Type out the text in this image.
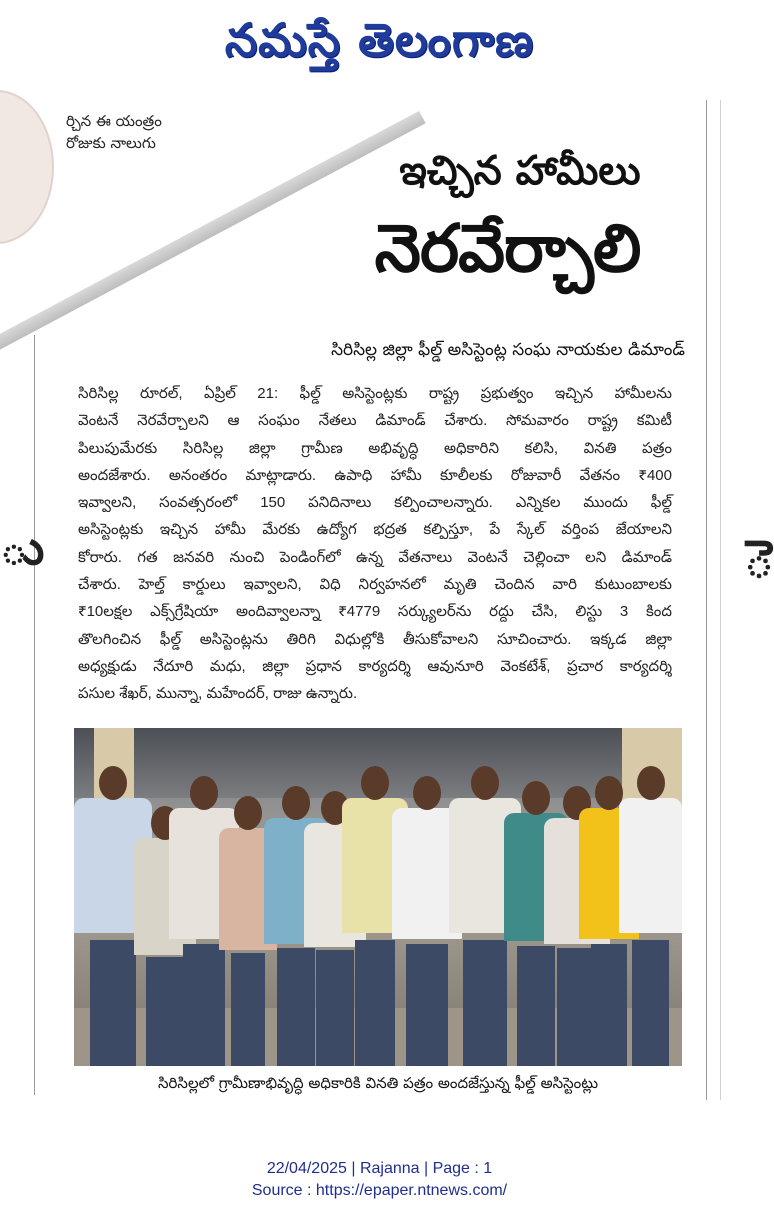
నమస్తే తెలంగాణ
ు	ె

ర్చిన ఈ యంత్రం
రోజుకు నాలుగు
ఇచ్చిన హామీలు
నెరవేర్చాలి
సిరిసిల్ల జిల్లా ఫీల్డ్ అసిస్టెంట్ల సంఘ నాయకుల డిమాండ్
సిరిసిల్ల రూరల్, ఏప్రిల్ 21: ఫీల్డ్ అసిస్టెంట్లకు రాష్ట్ర ప్రభుత్వం ఇచ్చిన హామీలను
వెంటనే నెరవేర్చాలని ఆ సంఘం నేతలు డిమాండ్ చేశారు. సోమవారం రాష్ట్ర కమిటీ
పిలుపుమేరకు సిరిసిల్ల జిల్లా గ్రామీణ అభివృద్ధి అధికారిని కలిసి, వినతి పత్రం
అందజేశారు. అనంతరం మాట్లాడారు. ఉపాధి హామీ కూలీలకు రోజువారీ వేతనం ₹400
ఇవ్వాలని, సంవత్సరంలో 150 పనిదినాలు కల్పించాలన్నారు. ఎన్నికల ముందు ఫీల్డ్
అసిస్టెంట్లకు ఇచ్చిన హామీ మేరకు ఉద్యోగ భద్రత కల్పిస్తూ, పే స్కేల్ వర్తింప జేయాలని
కోరారు. గత జనవరి నుంచి పెండింగ్‌లో ఉన్న వేతనాలు వెంటనే చెల్లించా లని డిమాండ్
చేశారు. హెల్త్ కార్డులు ఇవ్వాలని, విధి నిర్వహనలో మృతి చెందిన వారి కుటుంబాలకు
₹10లక్షల ఎక్స్‌గ్రేషియా అందివ్వాలన్నా ₹4779 సర్క్యులర్‌ను రద్దు చేసి, లిస్టు 3 కింద
తొలగించిన ఫీల్డ్ అసిస్టెంట్లను తిరిగి విధుల్లోకి తీసుకోవాలని సూచించారు. ఇక్కడ జిల్లా
అధ్యక్షుడు నేదూరి మధు, జిల్లా ప్రధాన కార్యదర్శి ఆవునూరి వెంకటేశ్, ప్రచార కార్యదర్శి
పసుల శేఖర్, మున్నా, మహేందర్, రాజు ఉన్నారు.
సిరిసిల్లలో గ్రామీణాభివృద్ధి అధికారికి వినతి పత్రం అందజేస్తున్న ఫీల్డ్ అసిస్టెంట్లు
22/04/2025 | Rajanna | Page : 1
Source : https://epaper.ntnews.com/
